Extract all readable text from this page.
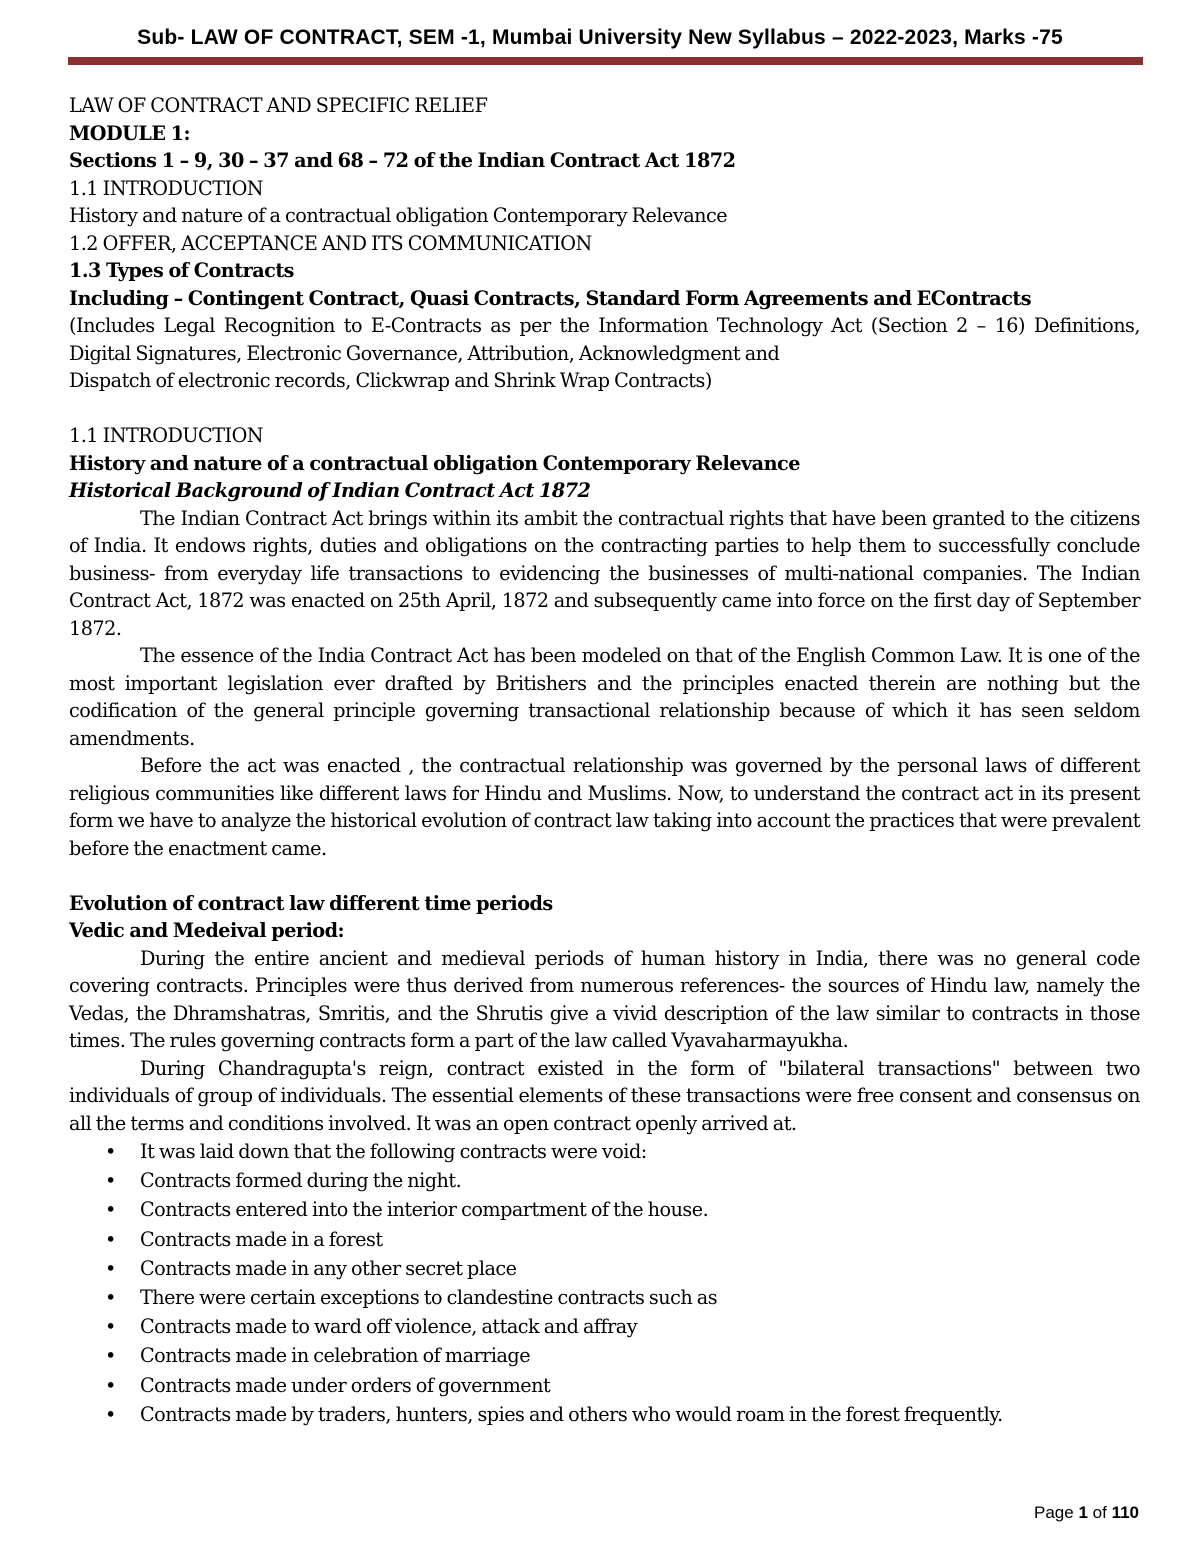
Sub- LAW OF CONTRACT, SEM -1, Mumbai University New Syllabus – 2022-2023, Marks -75
LAW OF CONTRACT AND SPECIFIC RELIEF
MODULE 1:
Sections 1 – 9, 30 – 37 and 68 – 72 of the Indian Contract Act 1872
1.1 INTRODUCTION
History and nature of a contractual obligation Contemporary Relevance
1.2 OFFER, ACCEPTANCE AND ITS COMMUNICATION
1.3 Types of Contracts
Including – Contingent Contract, Quasi Contracts, Standard Form Agreements and EContracts

(Includes Legal Recognition to E-Contracts as per the Information Technology Act (Section 2 – 16) Definitions, Digital Signatures, Electronic Governance, Attribution, Acknowledgment and

Dispatch of electronic records, Clickwrap and Shrink Wrap Contracts)
1.1 INTRODUCTION
History and nature of a contractual obligation Contemporary Relevance
Historical Background of Indian Contract Act 1872

The Indian Contract Act brings within its ambit the contractual rights that have been granted to the citizens of India. It endows rights, duties and obligations on the contracting parties to help them to successfully conclude business- from everyday life transactions to evidencing the businesses of multi-national companies. The Indian Contract Act, 1872 was enacted on 25th April, 1872 and subsequently came into force on the first day of September 1872.

The essence of the India Contract Act has been modeled on that of the English Common Law. It is one of the most important legislation ever drafted by Britishers and the principles enacted therein are nothing but the codification of the general principle governing transactional relationship because of which it has seen seldom amendments.

Before the act was enacted , the contractual relationship was governed by the personal laws of different religious communities like different laws for Hindu and Muslims. Now, to understand the contract act in its present form we have to analyze the historical evolution of contract law taking into account the practices that were prevalent before the enactment came.

Evolution of contract law different time periods
Vedic and Medeival period:

During the entire ancient and medieval periods of human history in India, there was no general code covering contracts. Principles were thus derived from numerous references- the sources of Hindu law, namely the Vedas, the Dhramshatras, Smritis, and the Shrutis give a vivid description of the law similar to contracts in those times. The rules governing contracts form a part of the law called Vyavaharmayukha.

During Chandragupta's reign, contract existed in the form of "bilateral transactions" between two individuals of group of individuals. The essential elements of these transactions were free consent and consensus on all the terms and conditions involved. It was an open contract openly arrived at.

• It was laid down that the following contracts were void:
• Contracts formed during the night.
• Contracts entered into the interior compartment of the house.
• Contracts made in a forest
• Contracts made in any other secret place
• There were certain exceptions to clandestine contracts such as
• Contracts made to ward off violence, attack and affray
• Contracts made in celebration of marriage
• Contracts made under orders of government
• Contracts made by traders, hunters, spies and others who would roam in the forest frequently.
Page 1 of 110
